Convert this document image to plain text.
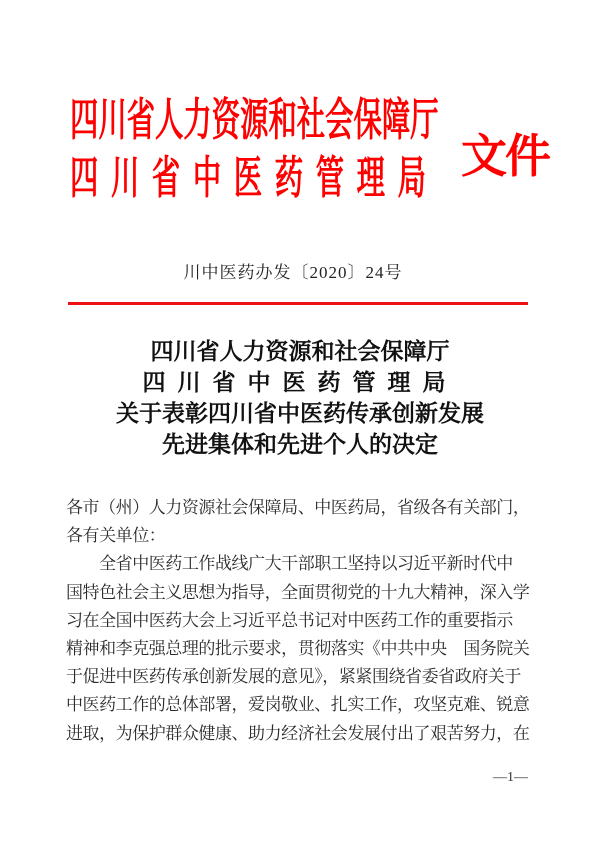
四川省人力资源和社会保障厅
四川省中医药管理局 文件
川中医药办发〔2020〕24号
四川省人力资源和社会保障厅
四川省中医药管理局
关于表彰四川省中医药传承创新发展
先进集体和先进个人的决定
各市（州）人力资源社会保障局、中医药局，省级各有关部门，
各有关单位：
　　全省中医药工作战线广大干部职工坚持以习近平新时代中
国特色社会主义思想为指导，全面贯彻党的十九大精神，深入学
习在全国中医药大会上习近平总书记对中医药工作的重要指示
精神和李克强总理的批示要求，贯彻落实《中共中央　国务院关
于促进中医药传承创新发展的意见》，紧紧围绕省委省政府关于
中医药工作的总体部署，爱岗敬业、扎实工作，攻坚克难、锐意
进取，为保护群众健康、助力经济社会发展付出了艰苦努力，在
—1—
